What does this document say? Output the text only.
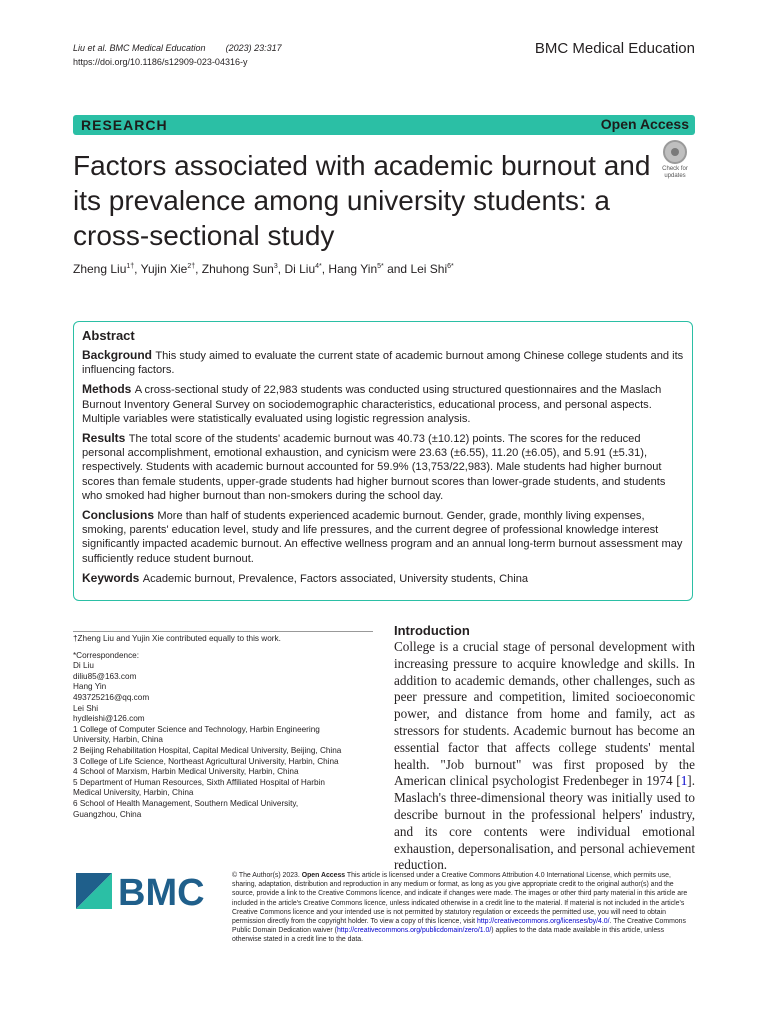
Liu et al. BMC Medical Education (2023) 23:317
https://doi.org/10.1186/s12909-023-04316-y
BMC Medical Education
RESEARCH	Open Access
Factors associated with academic burnout and its prevalence among university students: a cross-sectional study
Check for
updates
Zheng Liu$^{1\dagger}$, Yujin Xie$^{2\dagger}$, Zhuhong Sun$^3$, Di Liu$^{4*}$, Hang Yin$^{5*}$ and Lei Shi$^{6*}$
Abstract

Background This study aimed to evaluate the current state of academic burnout among Chinese college students and its influencing factors.

Methods A cross-sectional study of 22,983 students was conducted using structured questionnaires and the Maslach Burnout Inventory General Survey on sociodemographic characteristics, educational process, and personal aspects. Multiple variables were statistically evaluated using logistic regression analysis.

Results The total score of the students' academic burnout was 40.73 (±10.12) points. The scores for the reduced personal accomplishment, emotional exhaustion, and cynicism were 23.63 (±6.55), 11.20 (±6.05), and 5.91 (±5.31), respectively. Students with academic burnout accounted for 59.9% (13,753/22,983). Male students had higher burnout scores than female students, upper-grade students had higher burnout scores than lower-grade students, and students who smoked had higher burnout than non-smokers during the school day.

Conclusions More than half of students experienced academic burnout. Gender, grade, monthly living expenses, smoking, parents' education level, study and life pressures, and the current degree of professional knowledge interest significantly impacted academic burnout. An effective wellness program and an annual long-term burnout assessment may sufficiently reduce student burnout.

Keywords Academic burnout, Prevalence, Factors associated, University students, China

†Zheng Liu and Yujin Xie contributed equally to this work.
*Correspondence:
Di Liu
diliu85@163.com
Hang Yin
493725216@qq.com
Lei Shi
hydleishi@126.com
1 College of Computer Science and Technology, Harbin Engineering
University, Harbin, China
2 Beijing Rehabilitation Hospital, Capital Medical University, Beijing, China
3 College of Life Science, Northeast Agricultural University, Harbin, China
4 School of Marxism, Harbin Medical University, Harbin, China
5 Department of Human Resources, Sixth Affiliated Hospital of Harbin
Medical University, Harbin, China
6 School of Health Management, Southern Medical University,
Guangzhou, China
Introduction

College is a crucial stage of personal development with increasing pressure to acquire knowledge and skills. In addition to academic demands, other challenges, such as peer pressure and competition, limited socioeconomic power, and distance from home and family, act as stressors for students. Academic burnout has become an essential factor that affects college students' mental health. "Job burnout" was first proposed by the American clinical psychologist Fredenbeger in 1974 [1]. Maslach's three-dimensional theory was initially used to describe burnout in the professional helpers' industry, and its core contents were individual emotional exhaustion, depersonalisation, and personal achievement reduction.

BMC	© The Author(s) 2023. Open Access This article is licensed under a Creative Commons Attribution 4.0 International License, which permits use, sharing, adaptation, distribution and reproduction in any medium or format, as long as you give appropriate credit to the original author(s) and the source, provide a link to the Creative Commons licence, and indicate if changes were made. The images or other third party material in this article are included in the article's Creative Commons licence, unless indicated otherwise in a credit line to the material. If material is not included in the article's Creative Commons licence and your intended use is not permitted by statutory regulation or exceeds the permitted use, you will need to obtain permission directly from the copyright holder. To view a copy of this licence, visit http://creativecommons.org/licenses/by/4.0/. The Creative Commons Public Domain Dedication waiver (http://creativecommons.org/publicdomain/zero/1.0/) applies to the data made available in this article, unless otherwise stated in a credit line to the data.
